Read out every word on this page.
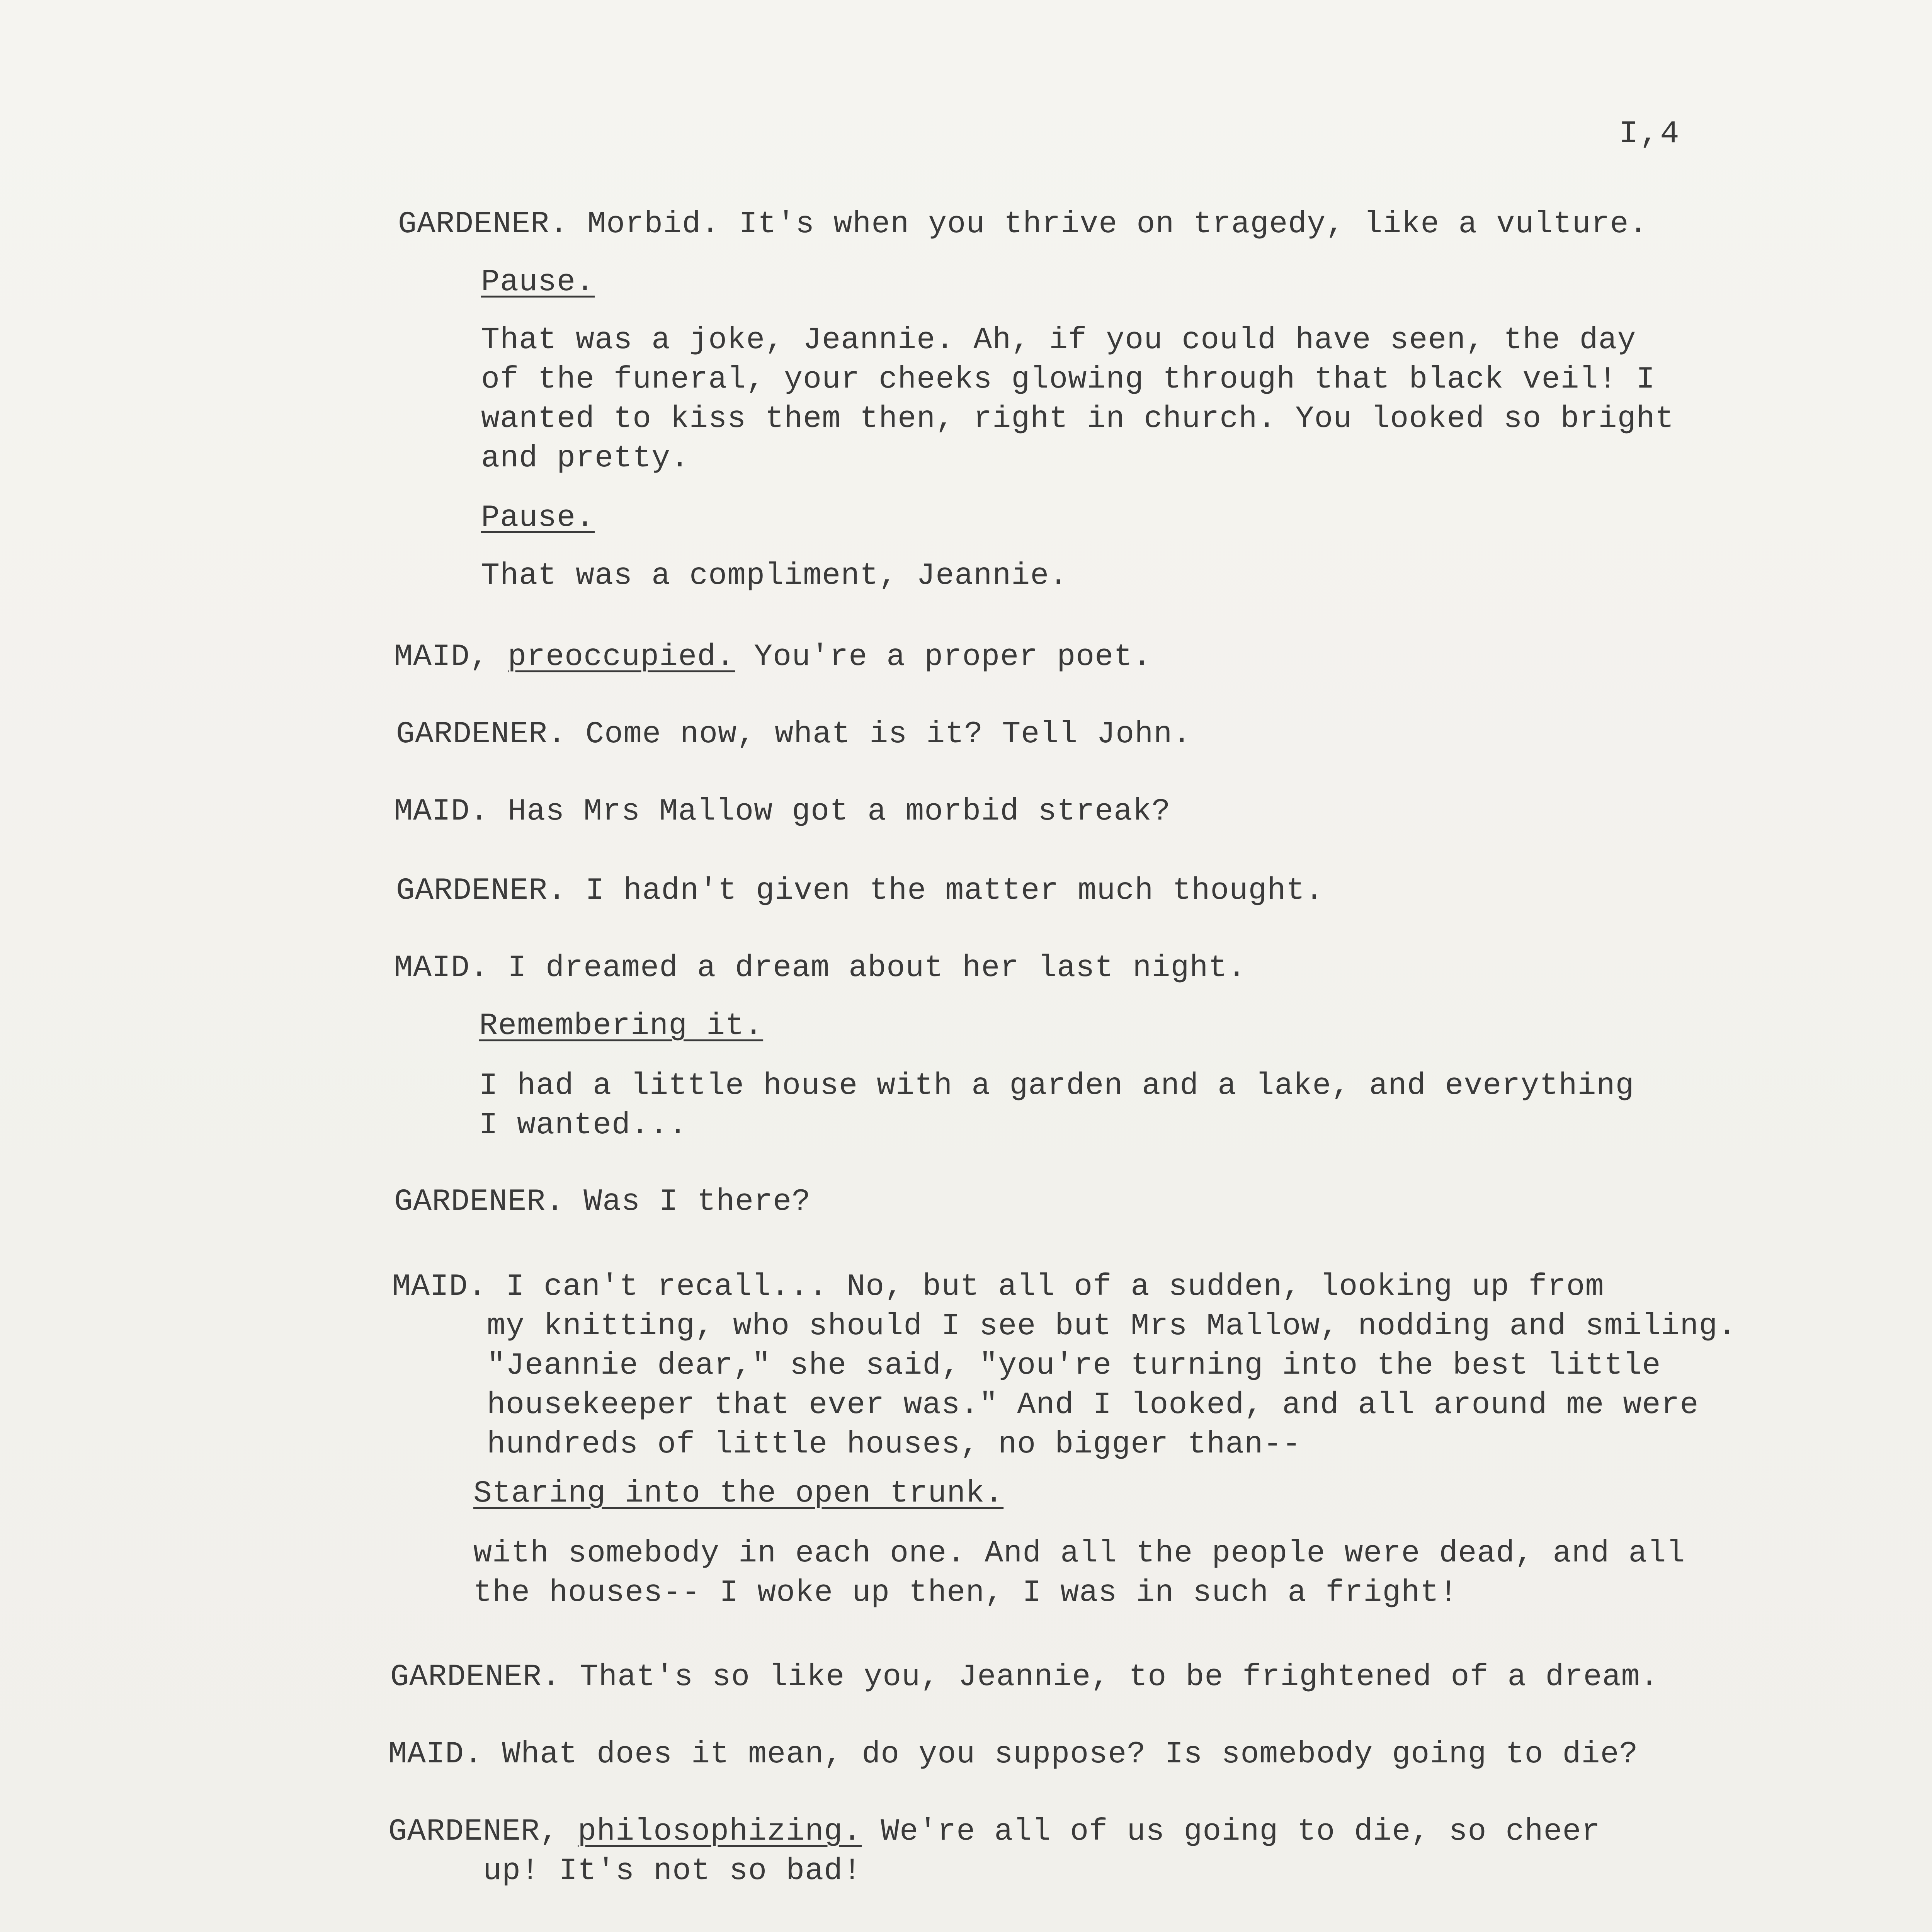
I,4
GARDENER. Morbid. It's when you thrive on tragedy, like a vulture.
Pause.
That was a joke, Jeannie. Ah, if you could have seen, the day
of the funeral, your cheeks glowing through that black veil! I
wanted to kiss them then, right in church. You looked so bright
and pretty.
Pause.
That was a compliment, Jeannie.
MAID, preoccupied. You're a proper poet.
GARDENER. Come now, what is it? Tell John.
MAID. Has Mrs Mallow got a morbid streak?
GARDENER. I hadn't given the matter much thought.
MAID. I dreamed a dream about her last night.
Remembering it.
I had a little house with a garden and a lake, and everything
I wanted...
GARDENER. Was I there?
MAID. I can't recall... No, but all of a sudden, looking up from
my knitting, who should I see but Mrs Mallow, nodding and smiling.
"Jeannie dear," she said, "you're turning into the best little
housekeeper that ever was." And I looked, and all around me were
hundreds of little houses, no bigger than--
Staring into the open trunk.
with somebody in each one. And all the people were dead, and all
the houses-- I woke up then, I was in such a fright!
GARDENER. That's so like you, Jeannie, to be frightened of a dream.
MAID. What does it mean, do you suppose? Is somebody going to die?
GARDENER, philosophizing. We're all of us going to die, so cheer
up! It's not so bad!
